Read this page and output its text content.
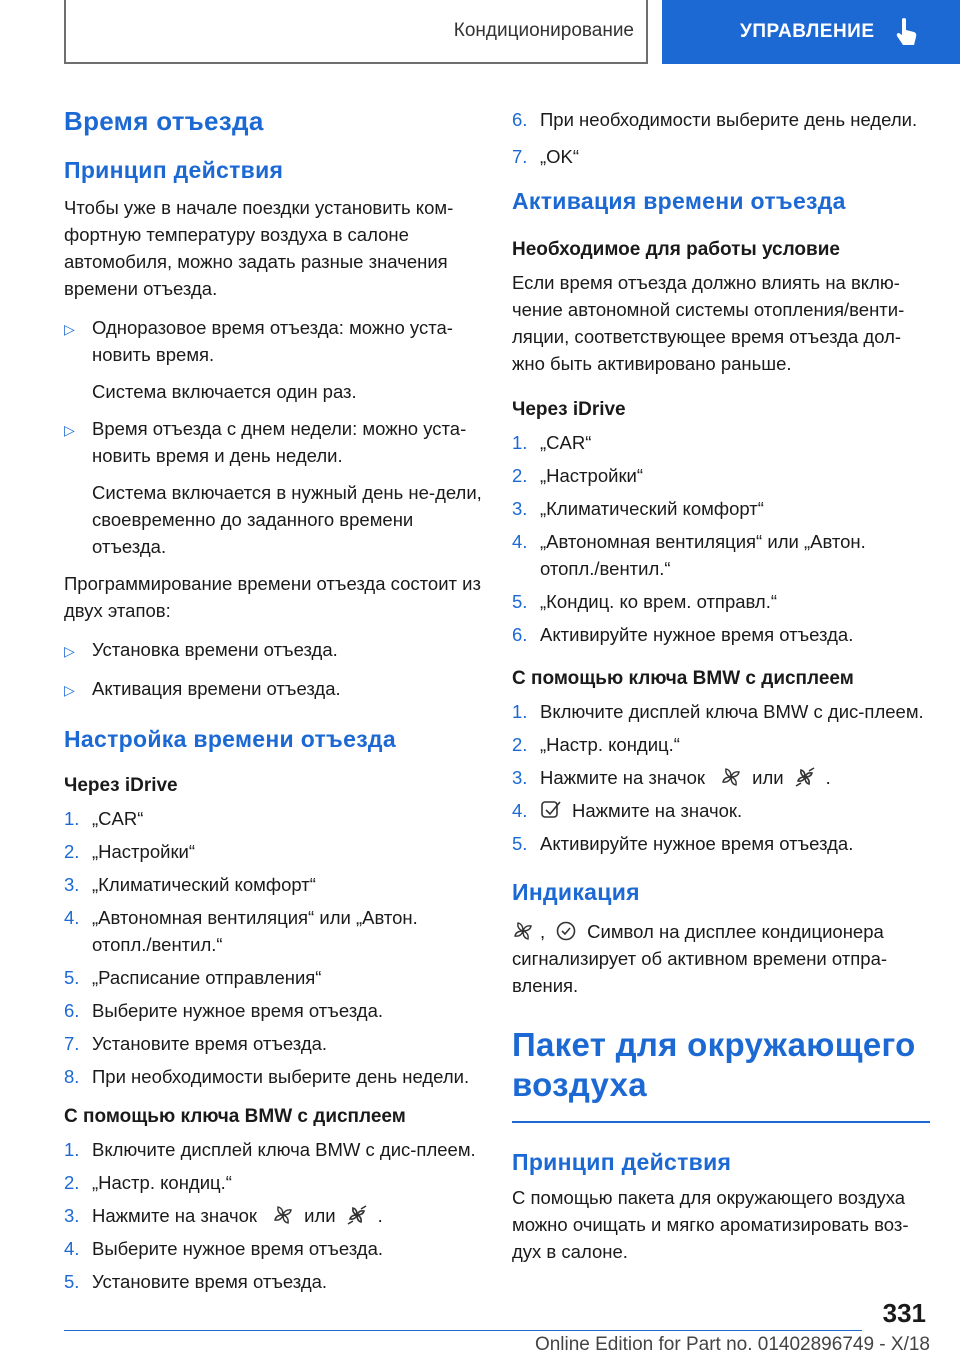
Кондиционирование	УПРАВЛЕНИЕ
Время отъезда
Принцип действия

Чтобы уже в начале поездки установить ком-фортную температуру воздуха в салоне автомобиля, можно задать разные значения времени отъезда.

▷ Одноразовое время отъезда: можно уста-новить время.
Система включается один раз.
▷ Время отъезда с днем недели: можно уста-новить время и день недели.
Система включается в нужный день не-дели, своевременно до заданного времени отъезда.

Программирование времени отъезда состоит из двух этапов:

▷ Установка времени отъезда.
▷ Активация времени отъезда.
Настройка времени отъезда
Через iDrive
1. „CAR“
2. „Настройки“
3. „Климатический комфорт“
4. „Автономная вентиляция“ или „Автон. отопл./вентил.“
5. „Расписание отправления“
6. Выберите нужное время отъезда.
7. Установите время отъезда.
8. При необходимости выберите день недели.
С помощью ключа BMW с дисплеем
1. Включите дисплей ключа BMW с дис-плеем.
2. „Настр. кондиц.“
3. Нажмите на значок	или .
4. Выберите нужное время отъезда.
5. Установите время отъезда.
6. При необходимости выберите день недели.
7. „OK“
Активация времени отъезда
Необходимое для работы условие

Если время отъезда должно влиять на вклю-чение автономной системы отопления/венти-ляции, соответствующее время отъезда дол-жно быть активировано раньше.

Через iDrive
1. „CAR“
2. „Настройки“
3. „Климатический комфорт“
4. „Автономная вентиляция“ или „Автон. отопл./вентил.“
5. „Кондиц. ко врем. отправл.“
6. Активируйте нужное время отъезда.
С помощью ключа BMW с дисплеем
1. Включите дисплей ключа BMW с дис-плеем.
2. „Настр. кондиц.“
3. Нажмите на значок	или .
4.	Нажмите на значок.
5. Активируйте нужное время отъезда.
Индикация

, Символ на дисплее кондиционера сигнализирует об активном времени отпра-вления.

Пакет для окружающего воздуха
Принцип действия

С помощью пакета для окружающего воздуха можно очищать и мягко ароматизировать воз-дух в салоне.

331
Online Edition for Part no. 01402896749 - X/18
